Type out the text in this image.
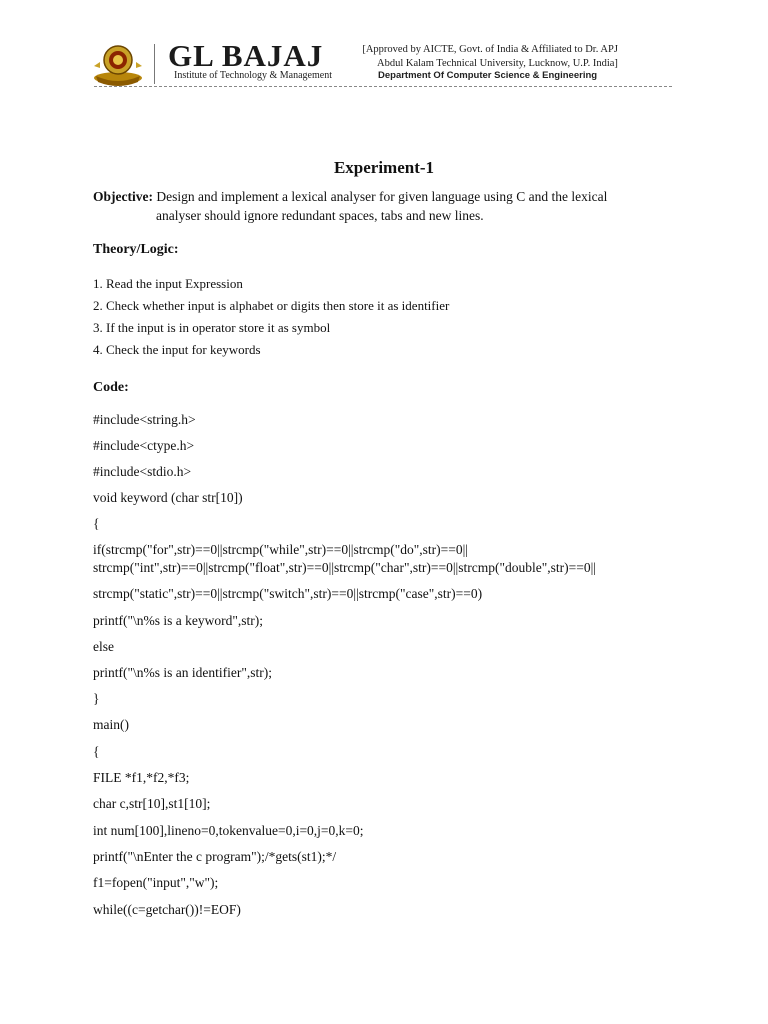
GL BAJAJ
Institute of Technology & Management
[Approved by AICTE, Govt. of India & Affiliated to Dr. APJ
Abdul Kalam Technical University, Lucknow, U.P. India]
Department Of Computer Science & Engineering
Experiment-1
Objective: Design and implement a lexical analyser for given language using C and the lexical
analyser should ignore redundant spaces, tabs and new lines.
Theory/Logic:
1. Read the input Expression
2. Check whether input is alphabet or digits then store it as identifier
3. If the input is in operator store it as symbol
4. Check the input for keywords
Code:
#include<string.h>
#include<ctype.h>
#include<stdio.h>
void keyword (char str[10])
{
if(strcmp("for",str)==0||strcmp("while",str)==0||strcmp("do",str)==0||
strcmp("int",str)==0||strcmp("float",str)==0||strcmp("char",str)==0||strcmp("double",str)==0||
strcmp("static",str)==0||strcmp("switch",str)==0||strcmp("case",str)==0)
printf("\n%s is a keyword",str);
else
printf("\n%s is an identifier",str);
}
main()
{
FILE *f1,*f2,*f3;
char c,str[10],st1[10];
int num[100],lineno=0,tokenvalue=0,i=0,j=0,k=0;
printf("\nEnter the c program");/*gets(st1);*/
f1=fopen("input","w");
while((c=getchar())!=EOF)
